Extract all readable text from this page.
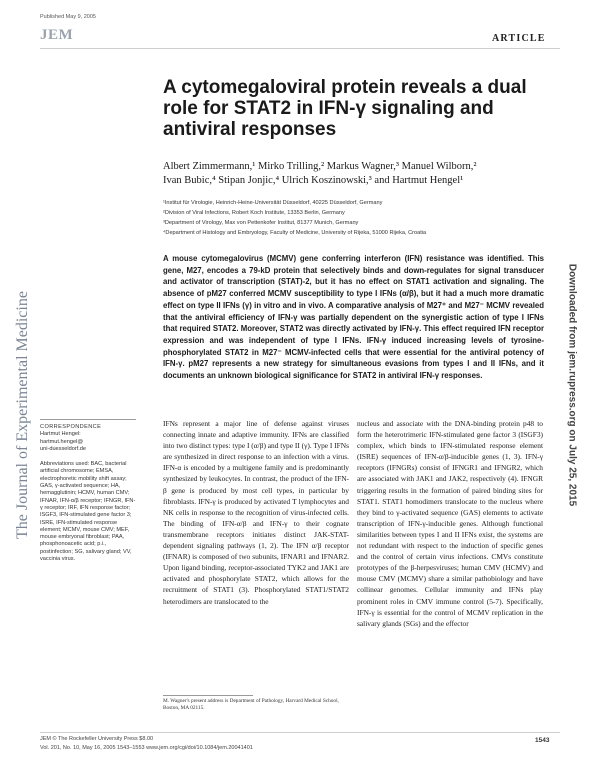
Published May 9, 2005
JEM	ARTICLE
The Journal of Experimental Medicine	Downloaded from jem.rupress.org on July 25, 2015
A cytomegaloviral protein reveals a dual role for STAT2 in IFN-γ signaling and antiviral responses
Albert Zimmermann,¹ Mirko Trilling,² Markus Wagner,³ Manuel Wilborn,²
Ivan Bubic,⁴ Stipan Jonjic,⁴ Ulrich Koszinowski,³ and Hartmut Hengel¹
¹Institut für Virologie, Heinrich-Heine-Universität Düsseldorf, 40225 Düsseldorf, Germany
²Division of Viral Infections, Robert Koch Institute, 13353 Berlin, Germany
³Department of Virology, Max von Pettenkofer Institut, 81377 Munich, Germany
⁴Department of Histology and Embryology, Faculty of Medicine, University of Rijeka, 51000 Rijeka, Croatia
A mouse cytomegalovirus (MCMV) gene conferring interferon (IFN) resistance was identified. This gene, M27, encodes a 79-kD protein that selectively binds and down-regulates for signal transducer and activator of transcription (STAT)-2, but it has no effect on STAT1 activation and signaling. The absence of pM27 conferred MCMV susceptibility to type I IFNs (α/β), but it had a much more dramatic effect on type II IFNs (γ) in vitro and in vivo. A comparative analysis of M27⁺ and M27⁻ MCMV revealed that the antiviral efficiency of IFN-γ was partially dependent on the synergistic action of type I IFNs that required STAT2. Moreover, STAT2 was directly activated by IFN-γ. This effect required IFN receptor expression and was independent of type I IFNs. IFN-γ induced increasing levels of tyrosine-phosphorylated STAT2 in M27⁻ MCMV-infected cells that were essential for the antiviral potency of IFN-γ. pM27 represents a new strategy for simultaneous evasions from types I and II IFNs, and it documents an unknown biological significance for STAT2 in antiviral IFN-γ responses.
CORRESPONDENCE
Hartmut Hengel:
hartmut.hengel@
uni-duesseldorf.de
Abbreviations used: BAC, bacterial artificial chromosome; EMSA, electrophoretic mobility shift assay; GAS, γ-activated sequence; HA, hemagglutinin; HCMV, human CMV; IFNAR, IFN-α/β receptor; IFNGR, IFN-γ receptor; IRF, IFN response factor; ISGF3, IFN-stimulated gene factor 3; ISRE, IFN-stimulated response element; MCMV, mouse CMV; MEF, mouse embryonal fibroblast; PAA, phosphonoacetic acid; p.i., postinfection; SG, salivary gland; VV, vaccinia virus.
IFNs represent a major line of defense against viruses connecting innate and adaptive immunity. IFNs are classified into two distinct types: type I (α/β) and type II (γ). Type I IFNs are synthesized in direct response to an infection with a virus. IFN-α is encoded by a multigene family and is predominantly synthesized by leukocytes. In contrast, the product of the IFN-β gene is produced by most cell types, in particular by fibroblasts. IFN-γ is produced by activated T lymphocytes and NK cells in response to the recognition of virus-infected cells. The binding of IFN-α/β and IFN-γ to their cognate transmembrane receptors initiates distinct JAK-STAT-dependent signaling pathways (1, 2). The IFN α/β receptor (IFNAR) is composed of two subunits, IFNAR1 and IFNAR2. Upon ligand binding, receptor-associated TYK2 and JAK1 are activated and phosphorylate STAT2, which allows for the recruitment of STAT1 (3). Phosphorylated STAT1/STAT2 heterodimers are translocated to the
nucleus and associate with the DNA-binding protein p48 to form the heterotrimeric IFN-stimulated gene factor 3 (ISGF3) complex, which binds to IFN-stimulated response element (ISRE) sequences of IFN-α/β-inducible genes (1, 3). IFN-γ receptors (IFNGRs) consist of IFNGR1 and IFNGR2, which are associated with JAK1 and JAK2, respectively (4). IFNGR triggering results in the formation of paired binding sites for STAT1. STAT1 homodimers translocate to the nucleus where they bind to γ-activated sequence (GAS) elements to activate transcription of IFN-γ-inducible genes. Although functional similarities between types I and II IFNs exist, the systems are not redundant with respect to the induction of specific genes and the control of certain virus infections. CMVs constitute prototypes of the β-herpesviruses; human CMV (HCMV) and mouse CMV (MCMV) share a similar pathobiology and have collinear genomes. Cellular immunity and IFNs play prominent roles in CMV immune control (5-7). Specifically, IFN-γ is essential for the control of MCMV replication in the salivary glands (SGs) and the effector
M. Wagner's present address is Department of Pathology, Harvard Medical School, Boston, MA 02115.
JEM © The Rockefeller University Press $8.00
Vol. 201, No. 10, May 16, 2005 1543–1553 www.jem.org/cgi/doi/10.1084/jem.20041401
1543
